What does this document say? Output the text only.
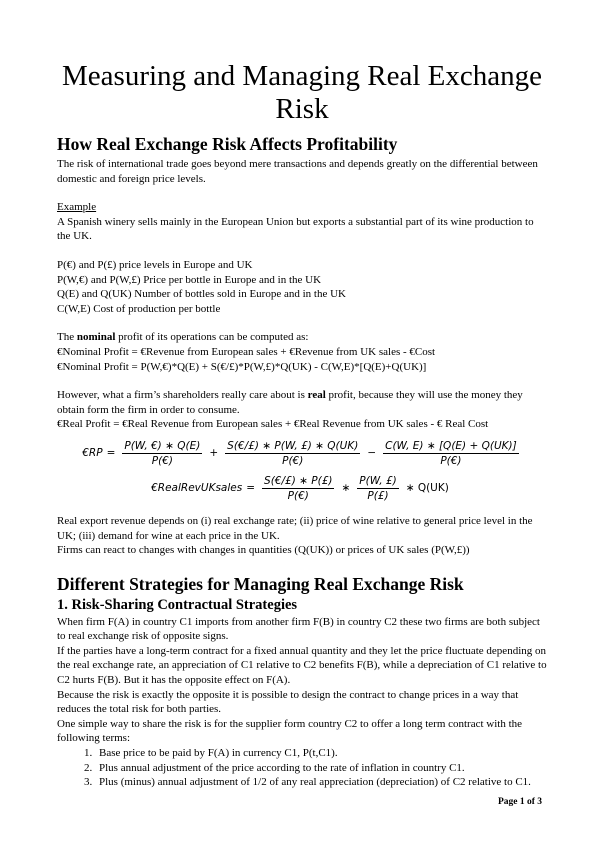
Measuring and Managing Real Exchange Risk
How Real Exchange Risk Affects Profitability

The risk of international trade goes beyond mere transactions and depends greatly on the differential between domestic and foreign price levels.

Example

A Spanish winery sells mainly in the European Union but exports a substantial part of its wine production to the UK.

P(€) and P(£) price levels in Europe and UK

P(W,€) and P(W,£) Price per bottle in Europe and in the UK

Q(E) and Q(UK) Number of bottles sold in Europe and in the UK

C(W,E) Cost of production per bottle

The nominal profit of its operations can be computed as:

€Nominal Profit = €Revenue from European sales + €Revenue from UK sales - €Cost

€Nominal Profit = P(W,€)*Q(E) + S(€/£)*P(W,£)*Q(UK) - C(W,E)*[Q(E)+Q(UK)]

However, what a firm’s shareholders really care about is real profit, because they will use the money they obtain form the firm in order to consume.

€Real Profit = €Real Revenue from European sales + €Real Revenue from UK sales - € Real Cost

€RP = $\frac{P(W, €) ∗ Q(E)}{P(€)} + \frac{S(€/£) ∗ P(W, £) ∗ Q(UK)}{P(€)} - \frac{C(W, E) ∗ [Q(E) + Q(UK)]}{P(€)}$
€RealRevUKsales = $\frac{S(€/£) ∗ P(£)}{P(€)}$ ∗ $\frac{P(W, £)}{P(£)}$ ∗ Q(UK)

Real export revenue depends on (i) real exchange rate; (ii) price of wine relative to general price level in the UK; (iii) demand for wine at each price in the UK.

Firms can react to changes with changes in quantities (Q(UK)) or prices of UK sales (P(W,£))

Different Strategies for Managing Real Exchange Risk
1. Risk-Sharing Contractual Strategies

When firm F(A) in country C1 imports from another firm F(B) in country C2 these two firms are both subject to real exchange risk of opposite signs.

If the parties have a long-term contract for a fixed annual quantity and they let the price fluctuate depending on the real exchange rate, an appreciation of C1 relative to C2 benefits F(B), while a depreciation of C1 relative to C2 hurts F(B). But it has the opposite effect on F(A).

Because the risk is exactly the opposite it is possible to design the contract to change prices in a way that reduces the total risk for both parties.

One simple way to share the risk is for the supplier form country C2 to offer a long term contract with the following terms:

1. Base price to be paid by F(A) in currency C1, P(t,C1).
2. Plus annual adjustment of the price according to the rate of inflation in country C1.
3. Plus (minus) annual adjustment of 1/2 of any real appreciation (depreciation) of C2 relative to C1.
Page 1 of 3
